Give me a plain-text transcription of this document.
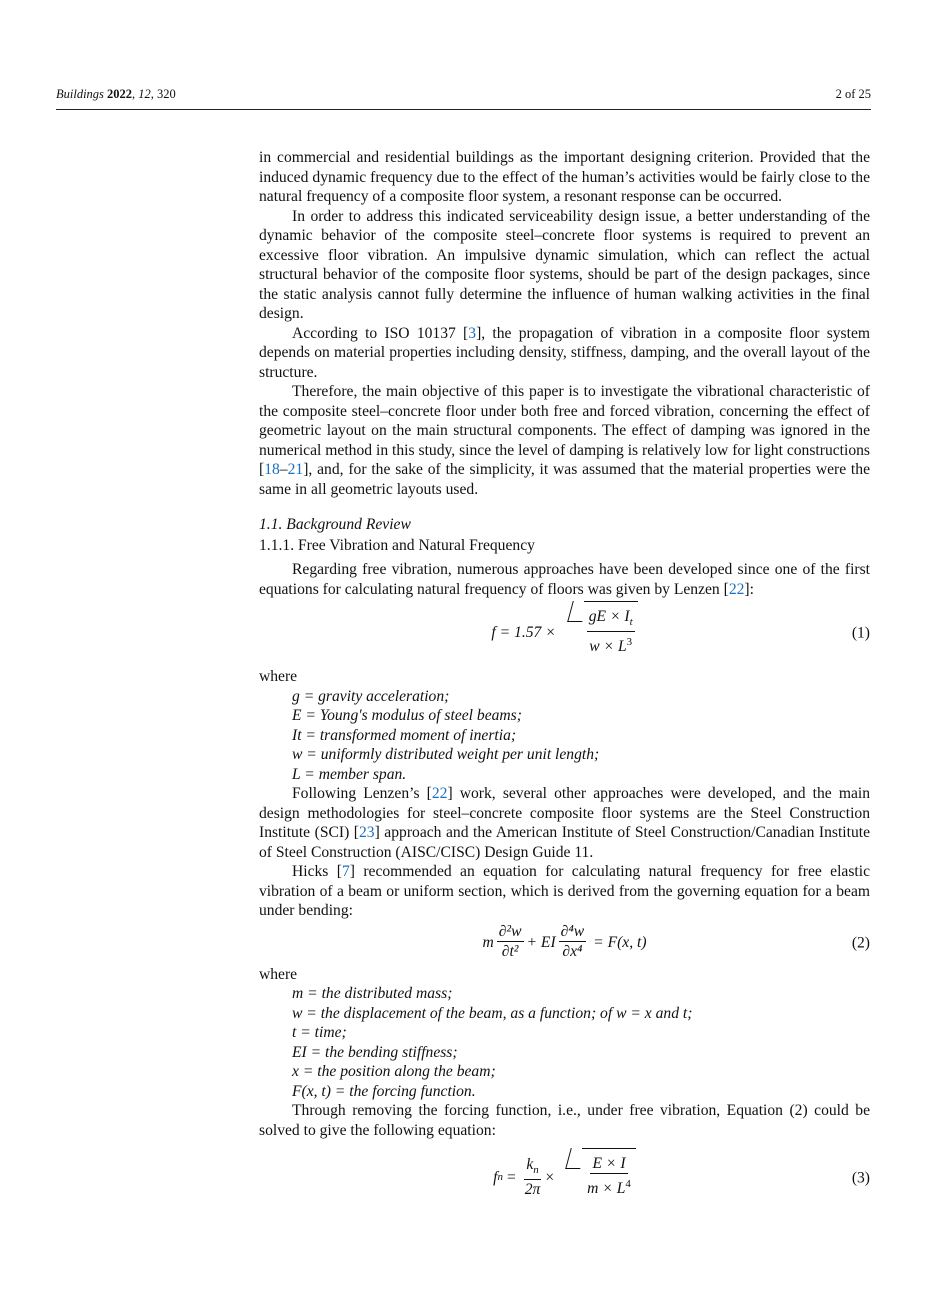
Buildings 2022, 12, 320	2 of 25

in commercial and residential buildings as the important designing criterion. Provided that the induced dynamic frequency due to the effect of the human’s activities would be fairly close to the natural frequency of a composite floor system, a resonant response can be occurred.

In order to address this indicated serviceability design issue, a better understanding of the dynamic behavior of the composite steel–concrete floor systems is required to prevent an excessive floor vibration. An impulsive dynamic simulation, which can reflect the actual structural behavior of the composite floor systems, should be part of the design packages, since the static analysis cannot fully determine the influence of human walking activities in the final design.

According to ISO 10137 [3], the propagation of vibration in a composite floor system depends on material properties including density, stiffness, damping, and the overall layout of the structure.

Therefore, the main objective of this paper is to investigate the vibrational characteristic of the composite steel–concrete floor under both free and forced vibration, concerning the effect of geometric layout on the main structural components. The effect of damping was ignored in the numerical method in this study, since the level of damping is relatively low for light constructions [18–21], and, for the sake of the simplicity, it was assumed that the material properties were the same in all geometric layouts used.

1.1. Background Review
1.1.1. Free Vibration and Natural Frequency

Regarding free vibration, numerous approaches have been developed since one of the first equations for calculating natural frequency of floors was given by Lenzen [22]:

$f = 1.57 \times \frac{gE \times I_t}{w \times L^3}$	(1)
where
g = gravity acceleration;
E = Young′s modulus of steel beams;
It = transformed moment of inertia;
w = uniformly distributed weight per unit length;
L = member span.

Following Lenzen’s [22] work, several other approaches were developed, and the main design methodologies for steel–concrete composite floor systems are the Steel Construction Institute (SCI) [23] approach and the American Institute of Steel Construction/Canadian Institute of Steel Construction (AISC/CISC) Design Guide 11.

Hicks [7] recommended an equation for calculating natural frequency for free elastic vibration of a beam or uniform section, which is derived from the governing equation for a beam under bending:

m $\frac{\text{∂²w}}{\text{∂t²}}$ + EI $\frac{\text{∂⁴w}}{\text{∂x⁴}} = F(x$, t)	(2)
where
m = the distributed mass;
w = the displacement of the beam, as a function; of w = x and t;
t = time;
EI = the bending stiffness;
x = the position along the beam;
F(x, t) = the forcing function.

Through removing the forcing function, i.e., under free vibration, Equation (2) could be solved to give the following equation:

f $n = \frac{k_n}{2\pi} \times \frac{E \times I}{m \times L^4}$	(3)
